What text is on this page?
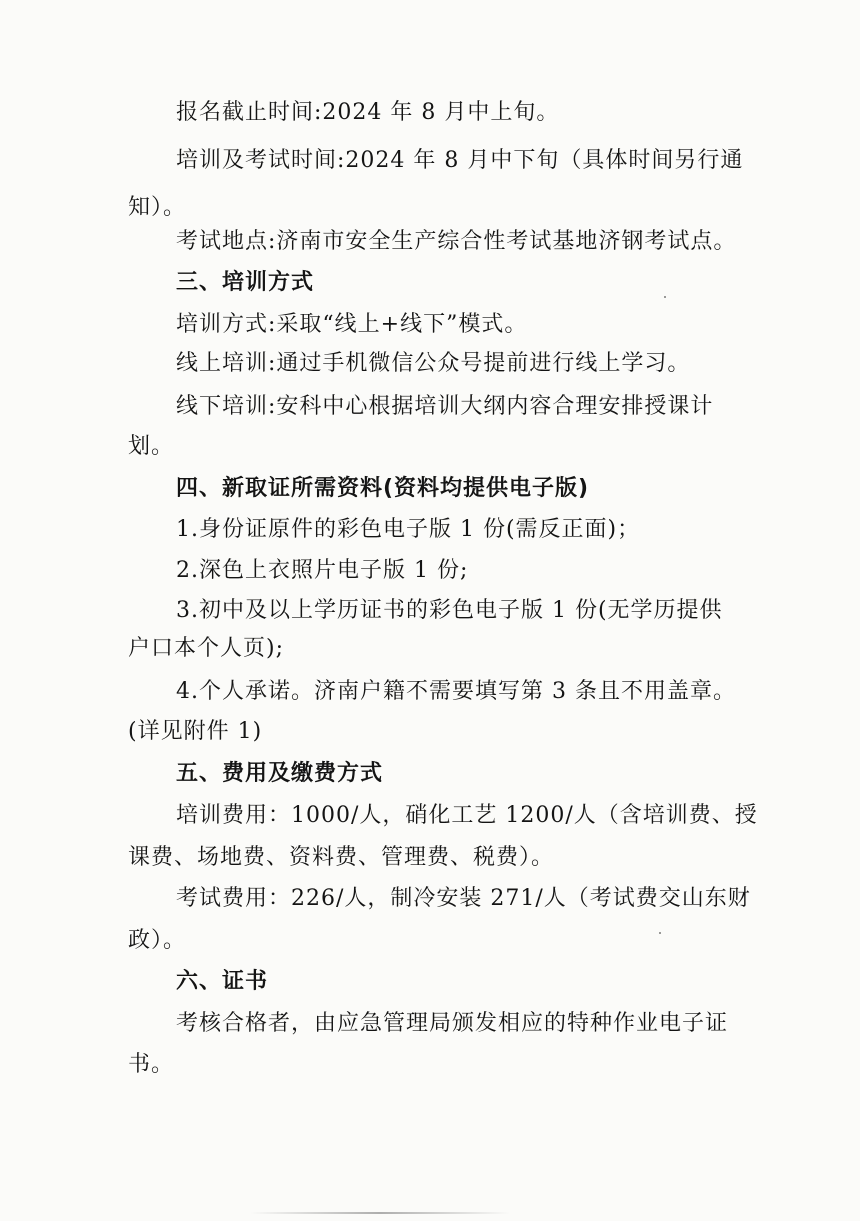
报名截止时间:2024 年 8 月中上旬。
培训及考试时间:2024 年 8 月中下旬（具体时间另行通
知）。
考试地点:济南市安全生产综合性考试基地济钢考试点。
三、培训方式
培训方式:采取“线上+线下”模式。
线上培训:通过手机微信公众号提前进行线上学习。
线下培训:安科中心根据培训大纲内容合理安排授课计
划。
四、新取证所需资料(资料均提供电子版)
1.身份证原件的彩色电子版 1 份(需反正面)；
2.深色上衣照片电子版 1 份;
3.初中及以上学历证书的彩色电子版 1 份(无学历提供
户口本个人页);
4.个人承诺。济南户籍不需要填写第 3 条且不用盖章。
(详见附件 1)
五、费用及缴费方式
培训费用：1000/人，硝化工艺 1200/人（含培训费、授
课费、场地费、资料费、管理费、税费）。
考试费用：226/人，制冷安装 271/人（考试费交山东财
政）。
六、证书
考核合格者，由应急管理局颁发相应的特种作业电子证
书。
